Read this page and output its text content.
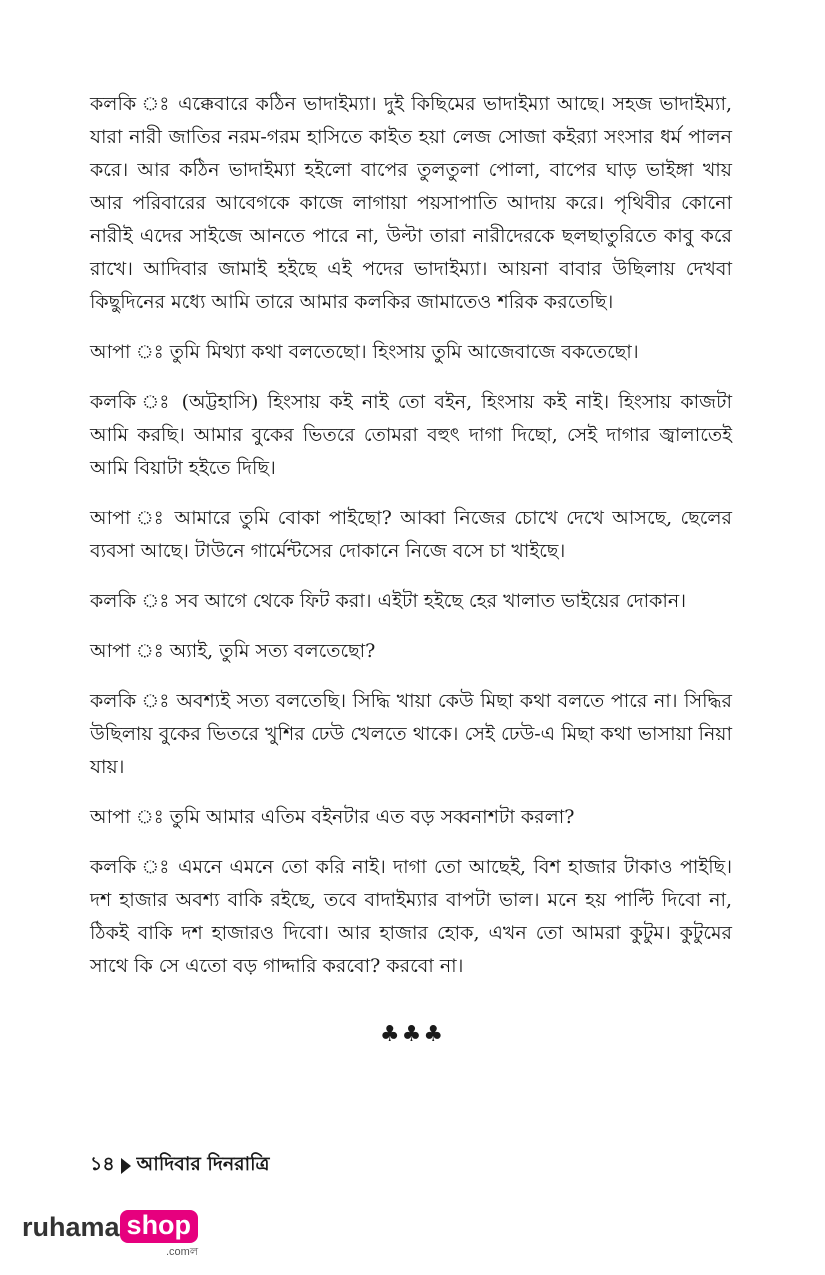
কলকি ঃ এক্কেবারে কঠিন ভাদাইম্যা। দুই কিছিমের ভাদাইম্যা আছে। সহজ ভাদাইম্যা, যারা নারী জাতির নরম-গরম হাসিতে কাইত হয়া লেজ সোজা কইর‍্যা সংসার ধর্ম পালন করে। আর কঠিন ভাদাইম্যা হইলো বাপের তুলতুলা পোলা, বাপের ঘাড় ভাইঙ্গা খায় আর পরিবারের আবেগকে কাজে লাগায়া পয়সাপাতি আদায় করে। পৃথিবীর কোনো নারীই এদের সাইজে আনতে পারে না, উল্টা তারা নারীদেরকে ছলছাতুরিতে কাবু করে রাখে। আদিবার জামাই হইছে এই পদের ভাদাইম্যা। আয়না বাবার উছিলায় দেখবা কিছুদিনের মধ্যে আমি তারে আমার কলকির জামাতেও শরিক করতেছি।

আপা ঃ তুমি মিথ্যা কথা বলতেছো। হিংসায় তুমি আজেবাজে বকতেছো।

কলকি ঃ (অট্টহাসি) হিংসায় কই নাই তো বইন, হিংসায় কই নাই। হিংসায় কাজটা আমি করছি। আমার বুকের ভিতরে তোমরা বহুৎ দাগা দিছো, সেই দাগার জ্বালাতেই আমি বিয়াটা হইতে দিছি।

আপা ঃ আমারে তুমি বোকা পাইছো? আব্বা নিজের চোখে দেখে আসছে, ছেলের ব্যবসা আছে। টাউনে গার্মেন্টসের দোকানে নিজে বসে চা খাইছে।

কলকি ঃ সব আগে থেকে ফিট করা। এইটা হইছে হের খালাত ভাইয়ের দোকান।

আপা ঃ অ্যাই, তুমি সত্য বলতেছো?

কলকি ঃ অবশ্যই সত্য বলতেছি। সিদ্ধি খায়া কেউ মিছা কথা বলতে পারে না। সিদ্ধির উছিলায় বুকের ভিতরে খুশির ঢেউ খেলতে থাকে। সেই ঢেউ-এ মিছা কথা ভাসায়া নিয়া যায়।

আপা ঃ তুমি আমার এতিম বইনটার এত বড় সব্বনাশটা করলা?

কলকি ঃ এমনে এমনে তো করি নাই। দাগা তো আছেই, বিশ হাজার টাকাও পাইছি। দশ হাজার অবশ্য বাকি রইছে, তবে বাদাইম্যার বাপটা ভাল। মনে হয় পাল্টি দিবো না, ঠিকই বাকি দশ হাজারও দিবো। আর হাজার হোক, এখন তো আমরা কুটুম। কুটুমের সাথে কি সে এতো বড় গাদ্দারি করবো? করবো না।

♣♣♣
১৪ আদিবার দিনরাত্রি
ruhama shop
.comল
